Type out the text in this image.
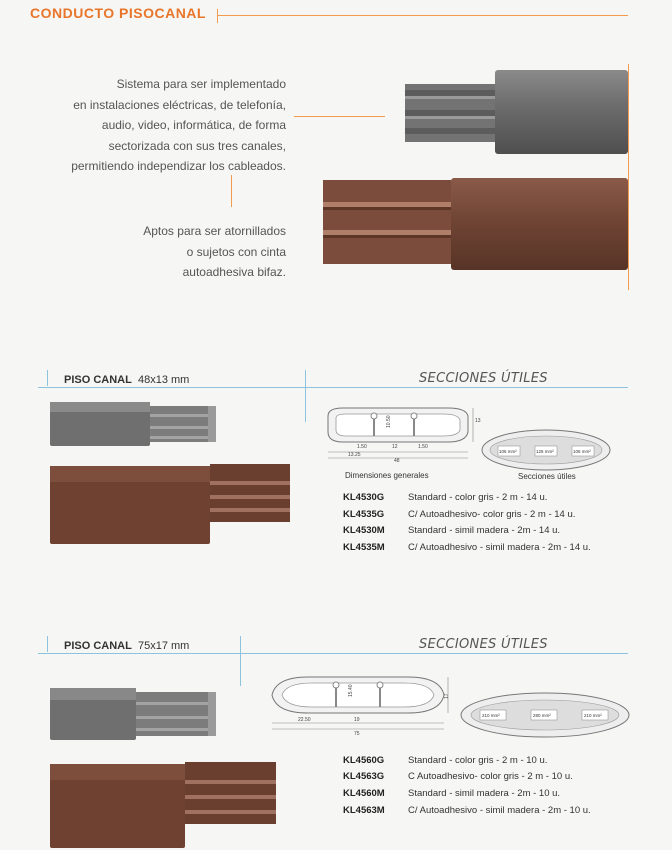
CONDUCTO PISOCANAL
Sistema para ser implementado
en instalaciones eléctricas, de telefonía,
audio, video, informática, de forma
sectorizada con sus tres canales,
permitiendo independizar los cableados.
Aptos para ser atornillados
o sujetos con cinta
autoadhesiva bifaz.
PISO CANAL 48x13 mm	SECCIONES ÚTILES
1.50	12	1.50
13.25
48
10.50	13
Dimensiones generales
106 mm²	125 mm²	106 mm²
Secciones útiles
KL4530G	Standard - color gris - 2 m - 14 u.
KL4535G	C/ Autoadhesivo- color gris - 2 m - 14 u.
KL4530M	Standard - simil madera - 2m - 14 u.
KL4535M	C/ Autoadhesivo - simil madera - 2m - 14 u.
PISO CANAL 75x17 mm	SECCIONES ÚTILES
22.50	19
75
15.40	17
210 mm²	280 mm²	210 mm²
KL4560G	Standard - color gris - 2 m - 10 u.
KL4563G	C Autoadhesivo- color gris - 2 m - 10 u.
KL4560M	Standard - simil madera - 2m - 10 u.
KL4563M	C/ Autoadhesivo - simil madera - 2m - 10 u.
